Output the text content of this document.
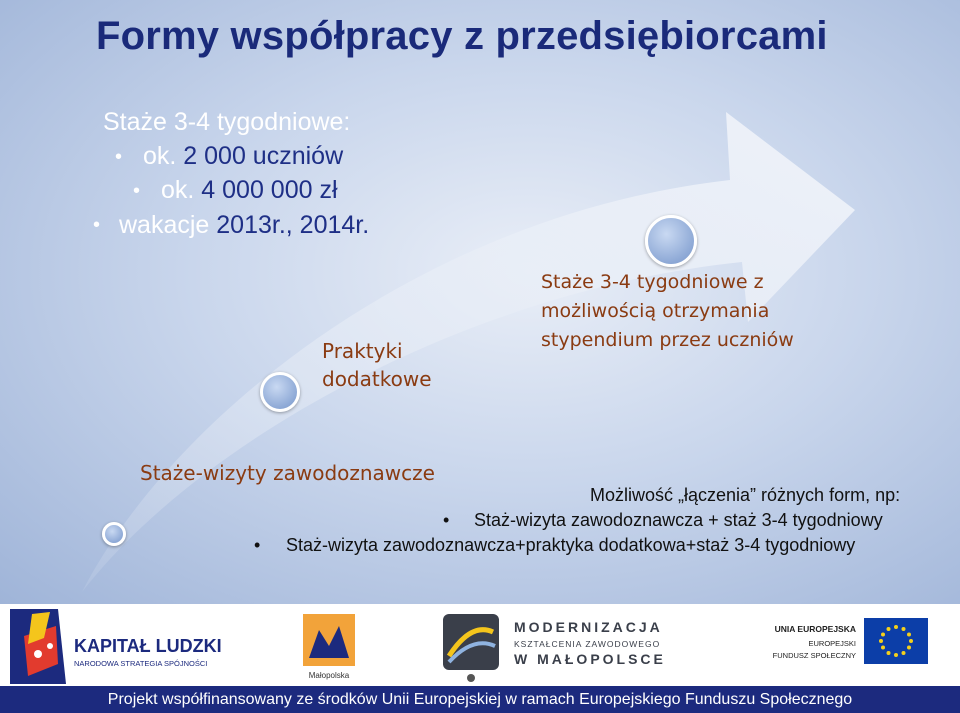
Formy współpracy z przedsiębiorcami
Staże 3-4 tygodniowe:
• ok. 2 000 uczniów
• ok. 4 000 000 zł
• wakacje 2013r., 2014r.
Staże-wizyty zawodoznawcze
Praktyki
dodatkowe
Staże 3-4 tygodniowe z
możliwością otrzymania
stypendium przez uczniów
Możliwość „łączenia” różnych form, np:
• Staż-wizyta zawodoznawcza + staż 3-4 tygodniowy
• Staż-wizyta zawodoznawcza+praktyka dodatkowa+staż 3-4 tygodniowy
KAPITAŁ LUDZKI
NARODOWA STRATEGIA SPÓJNOŚCI
Małopolska
MODERNIZACJA
KSZTAŁCENIA ZAWODOWEGO
W MAŁOPOLSCE
UNIA EUROPEJSKA
EUROPEJSKI
FUNDUSZ SPOŁECZNY
Projekt współfinansowany ze środków Unii Europejskiej w ramach Europejskiego Funduszu Społecznego
